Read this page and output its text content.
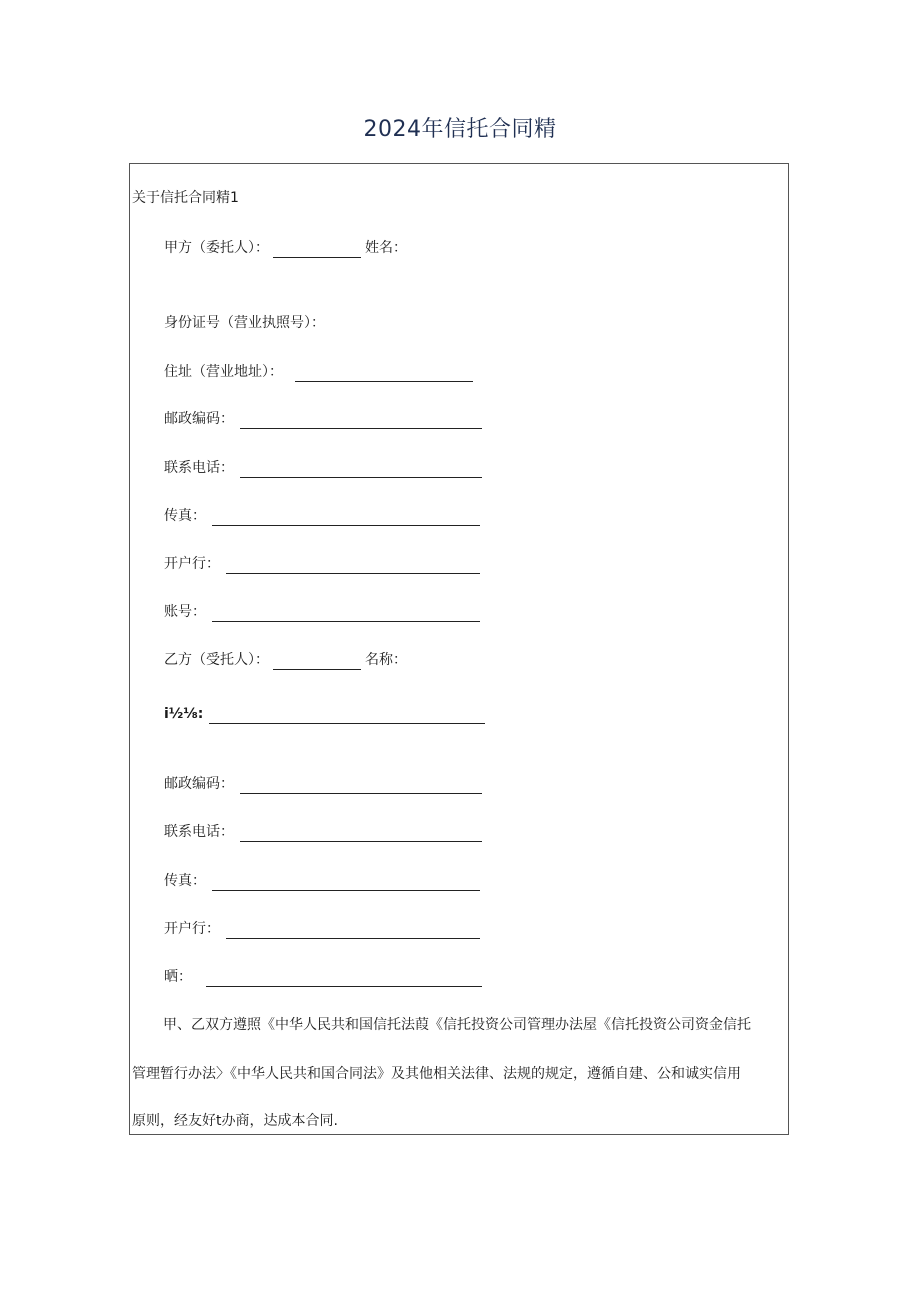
2024年信托合同精
关于信托合同精1
甲方（委托人）：	姓名：
身份证号（营业执照号）：
住址（营业地址）：
邮政编码：
联系电话：
传真：
开户行：
账号：
乙方（受托人）：	名称：
i½⅛:
邮政编码：
联系电话：
传真：
开户行：
晒：
甲、乙双方遵照《中华人民共和国信托法葭《信托投资公司管理办法屋《信托投资公司资金信托
管理暂行办法〉《中华人民共和国合同法》及其他相关法律、法规的规定，遵循自建、公和诚实信用
原则，经友好t办商，达成本合同.
